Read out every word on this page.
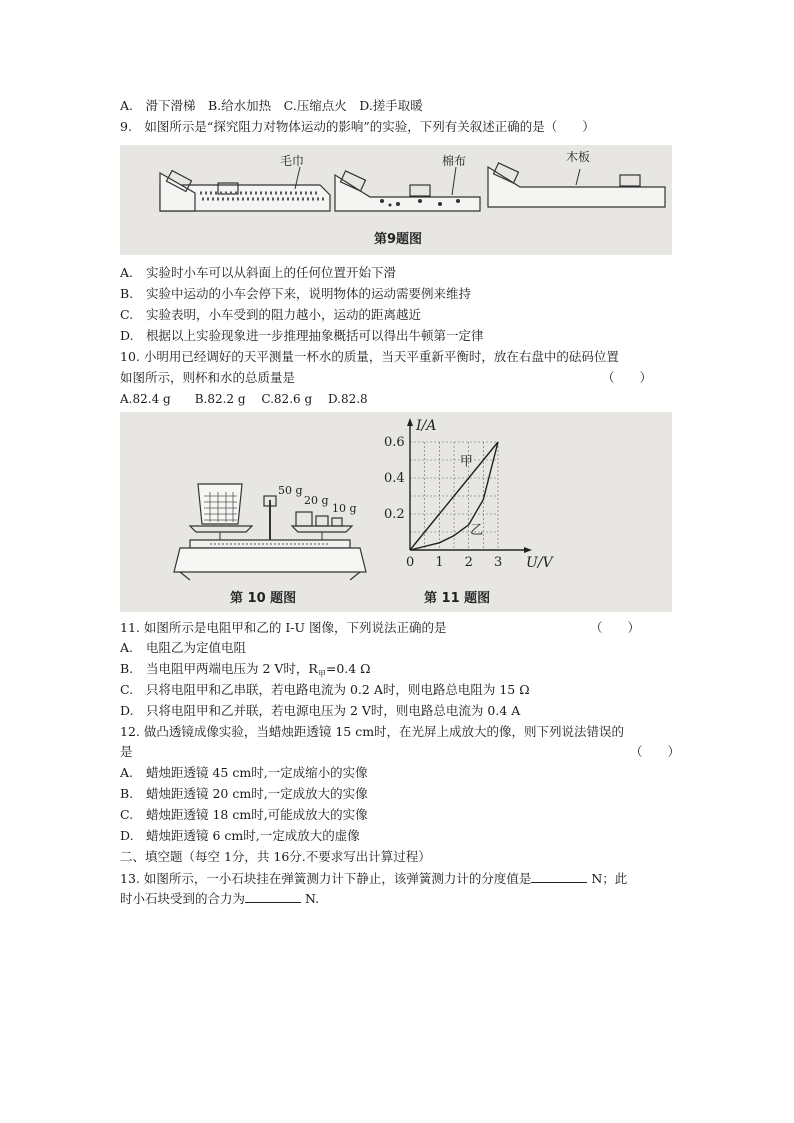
A.　滑下滑梯　B.给水加热　C.压缩点火　D.搓手取暖
9.　如图所示是“探究阻力对物体运动的影响”的实验，下列有关叙述正确的是（　　）
毛巾	棉布	木板
第9题图
A. 实验时小车可以从斜面上的任何位置开始下滑
B. 实验中运动的小车会停下来，说明物体的运动需要例来维持
C. 实验表明，小车受到的阻力越小，运动的距离越近
D. 根据以上实验现象进一步推理抽象概括可以得出牛顿第一定律
10. 小明用已经调好的天平测量一杯水的质量，当天平重新平衡时，放在右盘中的砝码位置
如图所示，则杯和水的总质量是	（　　）
A.82.4 g　　B.82.2 g　 C.82.6 g　 D.82.8
50 g
20 g
10 g
第 10 题图
0 1 2 3
0.2
0.4
0.6
甲
乙
U/V
I/A
第 11 题图
11. 如图所示是电阻甲和乙的 I-U 图像，下列说法正确的是	（　　）
A. 电阻乙为定值电阻
B. 当电阻甲两端电压为 2 V时，$R_甲=0.4$ Ω
C. 只将电阻甲和乙串联，若电路电流为 0.2 A时，则电路总电阻为 15 Ω
D. 只将电阻甲和乙并联，若电源电压为 2 V时，则电路总电流为 0.4 A
12. 做凸透镜成像实验，当蜡烛距透镜 15 cm时，在光屏上成放大的像，则下列说法错误的
是	（　　）
A. 蜡烛距透镜 45 cm时,一定成缩小的实像
B. 蜡烛距透镜 20 cm时,一定成放大的实像
C. 蜡烛距透镜 18 cm时,可能成放大的实像
D. 蜡烛距透镜 6 cm时,一定成放大的虚像
二、填空题（每空 1分，共 16分.不要求写出计算过程）
13. 如图所示，一小石块挂在弹簧测力计下静止，该弹簧测力计的分度值是	N；此
时小石块受到的合力为	N.
